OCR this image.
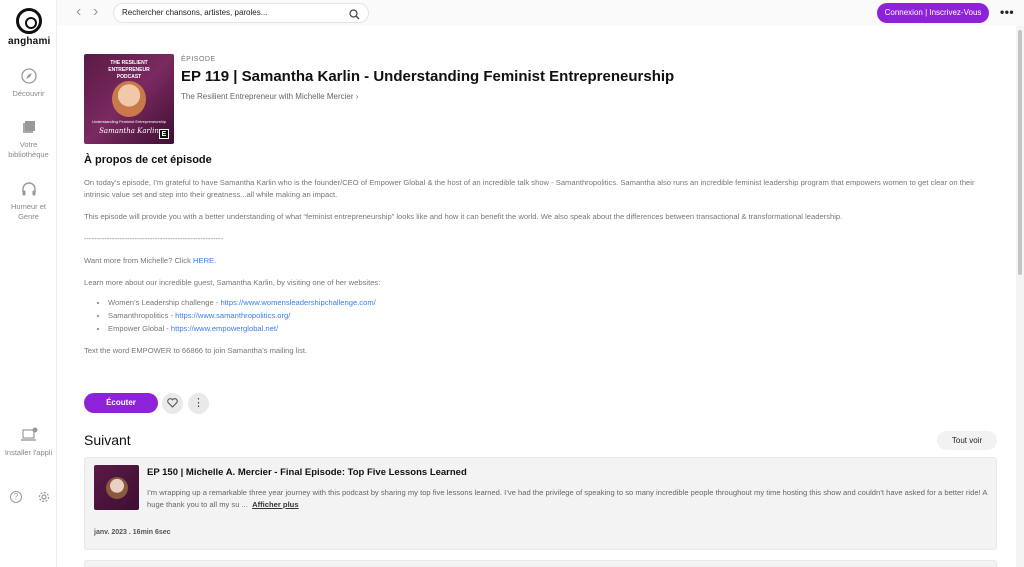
anghami
Découvrir
Votre bibliothèque
Humeur et Genre
Installer l'appli
?
‹ ›
Rechercher chansons, artistes, paroles...	Connexion | Inscrivez-Vous	•••
THE RESILIENT
ENTREPRENEUR
PODCAST
Understanding Feminist Entrepreneurship
Samantha Karlin E
ÉPISODE
EP 119 | Samantha Karlin - Understanding Feminist Entrepreneurship
The Resilient Entrepreneur with Michelle Mercier ›
À propos de cet épisode
On today’s episode, I’m grateful to have Samantha Karlin who is the founder/CEO of Empower Global & the host of an incredible talk show - Samanthropolitics. Samantha also runs an incredible feminist leadership program that empowers women to get clear on their intrinsic value set and step into their greatness...all while making an impact.
This episode will provide you with a better understanding of what “feminist entrepreneurship” looks like and how it can benefit the world. We also speak about the differences between transactional & transformational leadership.
-------------------------------------------------------
Want more from Michelle? Click HERE.
Learn more about our incredible guest, Samantha Karlin, by visiting one of her websites:
• Women’s Leadership challenge - https://www.womensleadershipchallenge.com/
• Samanthropolitics - https://www.samanthropolitics.org/
• Empower Global - https://www.empowerglobal.net/
Text the word EMPOWER to 66866 to join Samantha’s mailing list.
Écouter	⋮
Suivant	Tout voir
EP 150 | Michelle A. Mercier - Final Episode: Top Five Lessons Learned
I’m wrapping up a remarkable three year journey with this podcast by sharing my top five lessons learned. I’ve had the privilege of speaking to so many incredible people throughout my time hosting this show and couldn’t have asked for a better ride! A huge thank you to all my su ... Afficher plus
janv. 2023 . 16min 6sec
